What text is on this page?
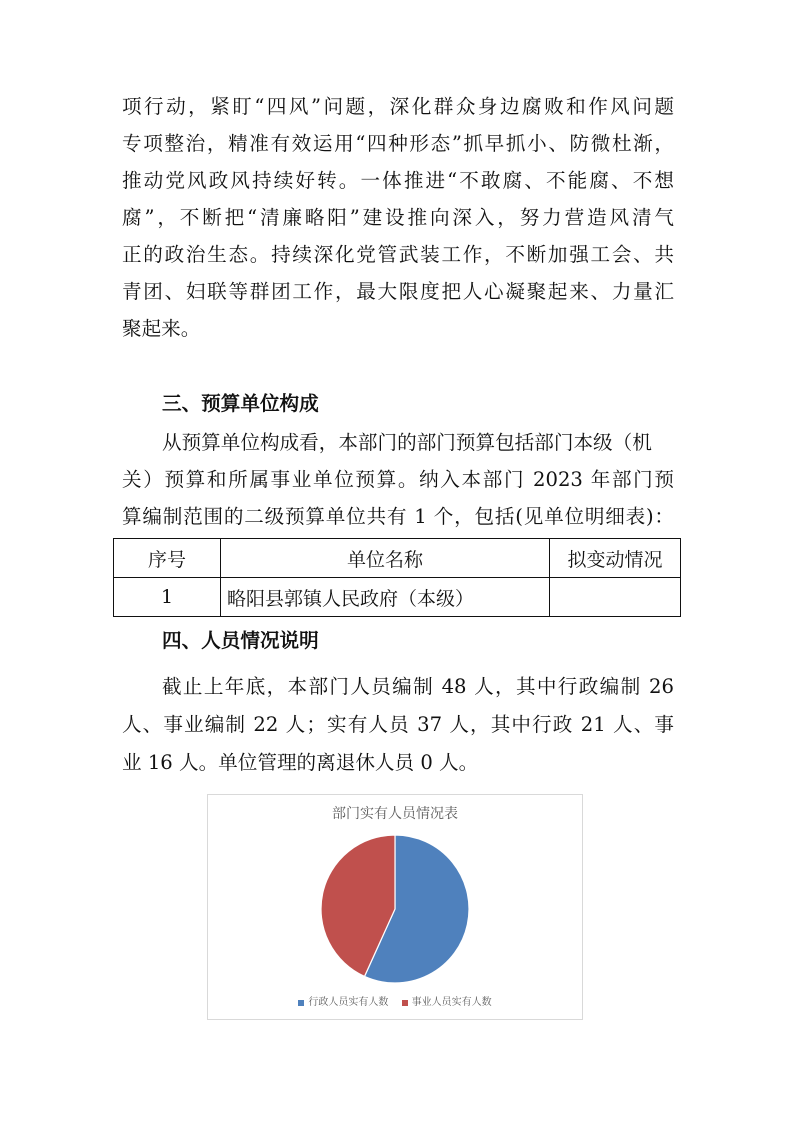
项行动，紧盯“四风”问题，深化群众身边腐败和作风问题

专项整治，精准有效运用“四种形态”抓早抓小、防微杜渐，

推动党风政风持续好转。一体推进“不敢腐、不能腐、不想

腐”，不断把“清廉略阳”建设推向深入，努力营造风清气

正的政治生态。持续深化党管武装工作，不断加强工会、共

青团、妇联等群团工作，最大限度把人心凝聚起来、力量汇

聚起来。

三、预算单位构成

从预算单位构成看，本部门的部门预算包括部门本级（机

关）预算和所属事业单位预算。纳入本部门 2023 年部门预

算编制范围的二级预算单位共有 1 个，包括(见单位明细表)：

序号	单位名称	拟变动情况
1	略阳县郭镇人民政府（本级）	
四、人员情况说明

截止上年底，本部门人员编制 48 人，其中行政编制 26

人、事业编制 22 人；实有人员 37 人，其中行政 21 人、事

业 16 人。单位管理的离退休人员 0 人。

部门实有人员情况表
行政人员实有人数 事业人员实有人数
